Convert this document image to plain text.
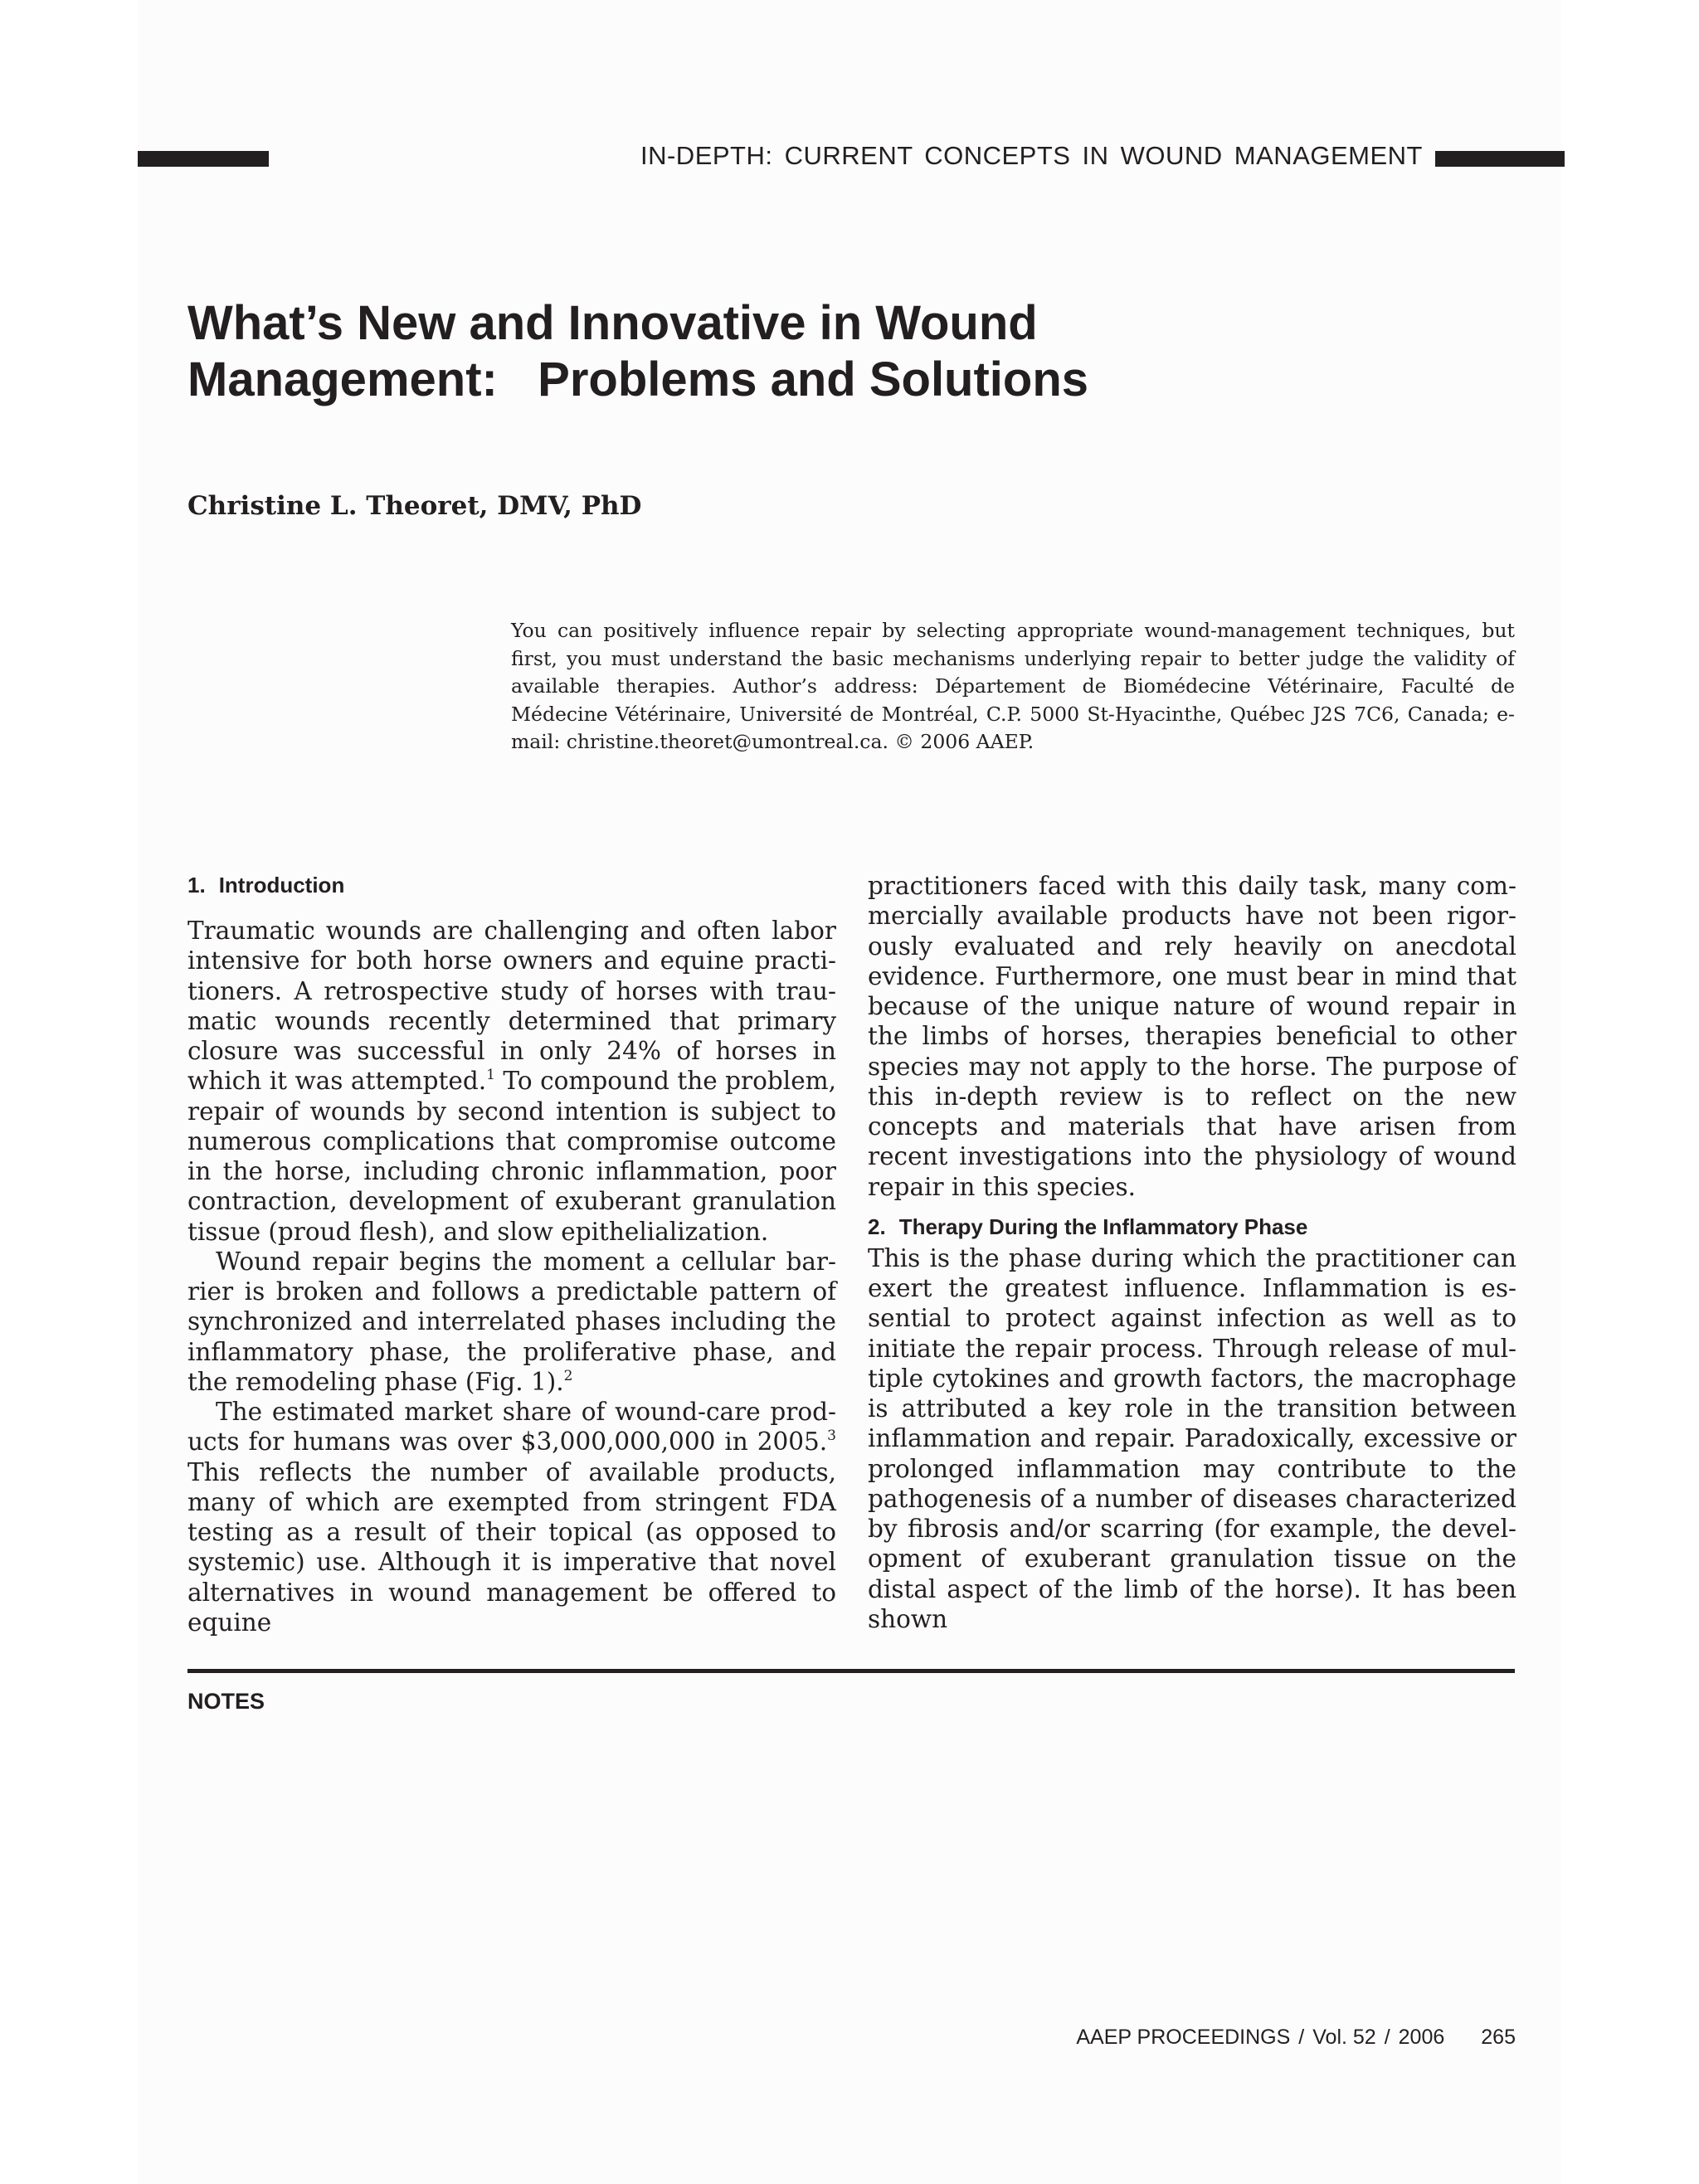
IN-DEPTH: CURRENT CONCEPTS IN WOUND MANAGEMENT
What’s New and Innovative in Wound
Management:   Problems and Solutions
Christine L. Theoret, DMV, PhD
You can positively influence repair by selecting appropriate wound-management techniques, but first, you must understand the basic mechanisms underlying repair to better judge the validity of available therapies. Author’s address: Département de Biomédecine Vétérinaire, Faculté de Médecine Vétérinaire, Université de Montréal, C.P. 5000 St-Hyacinthe, Québec J2S 7C6, Canada; e-mail: christine.theoret@umontreal.ca. © 2006 AAEP.
1. Introduction

Traumatic wounds are challenging and often labor intensive for both horse owners and equine practitioners. A retrospective study of horses with traumatic wounds recently determined that primary closure was successful in only 24% of horses in which it was attempted.$^1$ To compound the problem, repair of wounds by second intention is subject to numerous complications that compromise outcome in the horse, including chronic inflammation, poor contraction, development of exuberant granulation tissue (proud flesh), and slow epithelialization.

Wound repair begins the moment a cellular barrier is broken and follows a predictable pattern of synchronized and interrelated phases including the inflammatory phase, the proliferative phase, and the remodeling phase (Fig. 1).$^2$

The estimated market share of wound-care products for humans was over $3,000,000,000 in 2005.$^3$ This reflects the number of available products, many of which are exempted from stringent FDA testing as a result of their topical (as opposed to systemic) use. Although it is imperative that novel alternatives in wound management be offered to equine

practitioners faced with this daily task, many commercially available products have not been rigorously evaluated and rely heavily on anecdotal evidence. Furthermore, one must bear in mind that because of the unique nature of wound repair in the limbs of horses, therapies beneficial to other species may not apply to the horse. The purpose of this in-depth review is to reflect on the new concepts and materials that have arisen from recent investigations into the physiology of wound repair in this species.

2. Therapy During the Inflammatory Phase

This is the phase during which the practitioner can exert the greatest influence. Inflammation is essential to protect against infection as well as to initiate the repair process. Through release of multiple cytokines and growth factors, the macrophage is attributed a key role in the transition between inflammation and repair. Paradoxically, excessive or prolonged inflammation may contribute to the pathogenesis of a number of diseases characterized by fibrosis and/or scarring (for example, the development of exuberant granulation tissue on the distal aspect of the limb of the horse). It has been shown

NOTES
AAEP PROCEEDINGS / Vol. 52 / 2006 265
